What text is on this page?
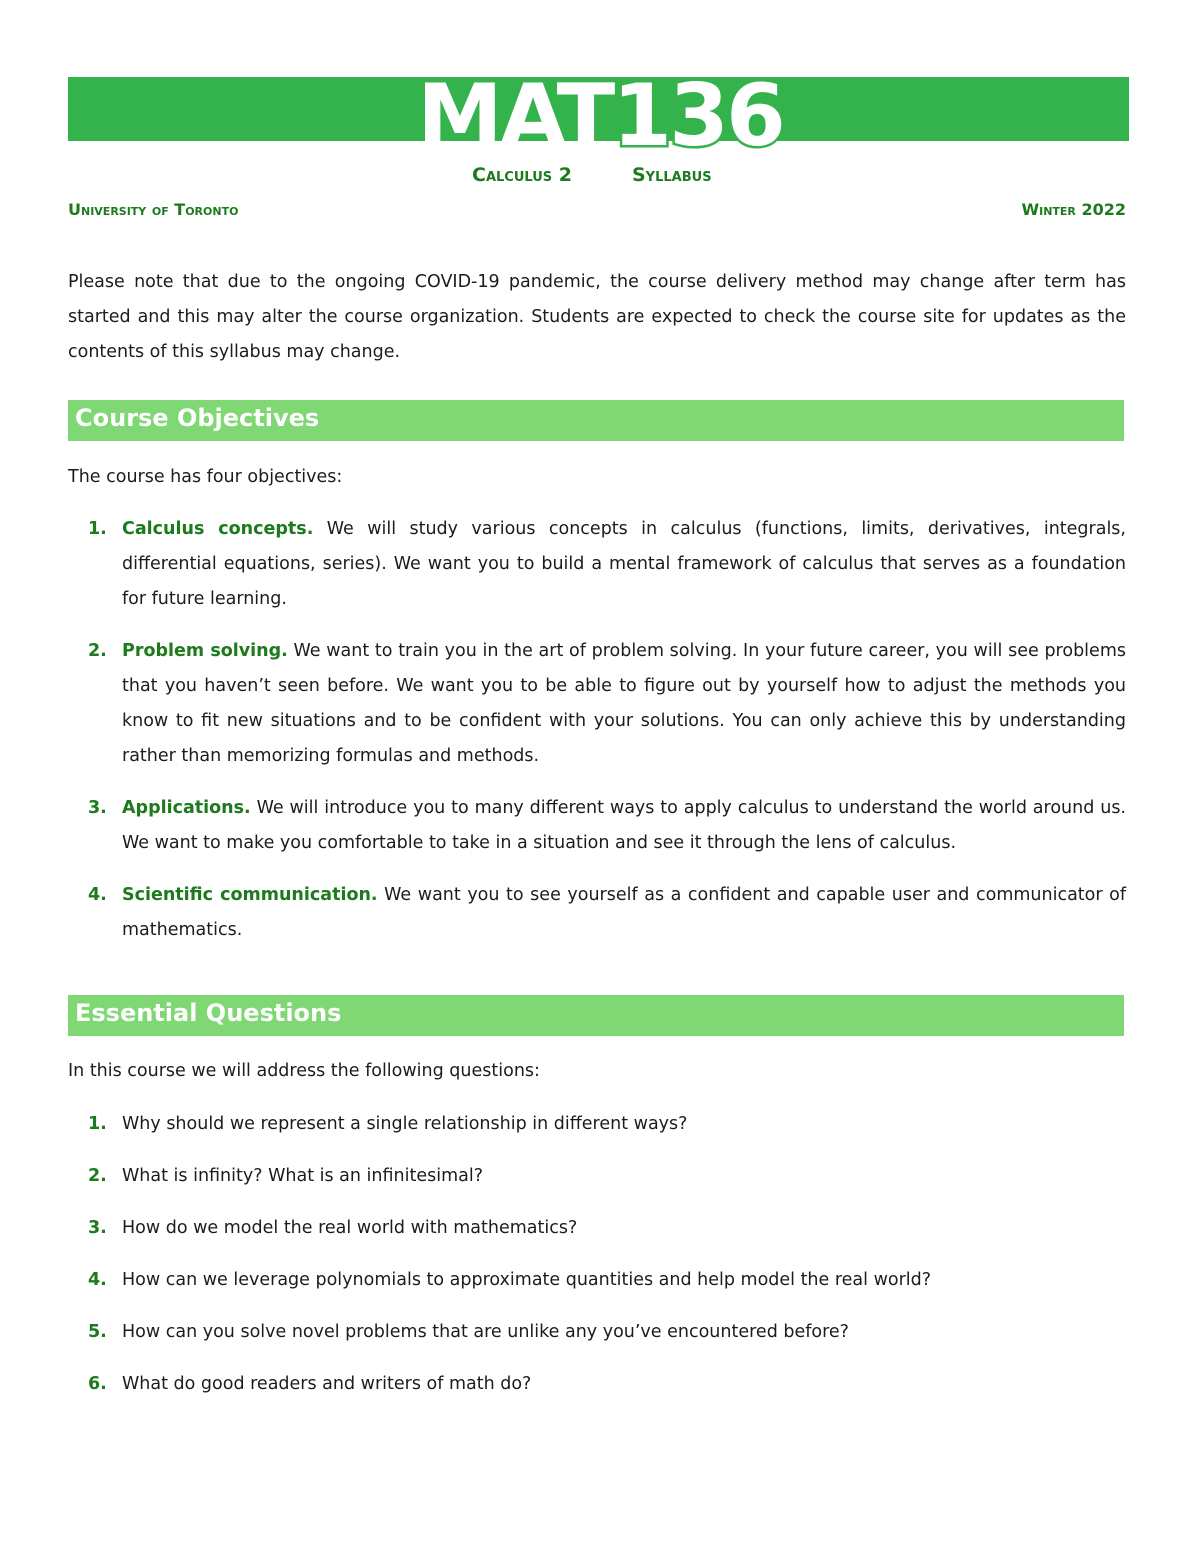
MAT136
Calculus 2	Syllabus
University of Toronto	Winter 2022

Please note that due to the ongoing COVID-19 pandemic, the course delivery method may change after term has started and this may alter the course organization. Students are expected to check the course site for updates as the contents of this syllabus may change.

Course Objectives

The course has four objectives:

1. Calculus concepts. We will study various concepts in calculus (functions, limits, derivatives, integrals, differential equations, series). We want you to build a mental framework of calculus that serves as a foundation for future learning.
2. Problem solving. We want to train you in the art of problem solving. In your future career, you will see problems that you haven’t seen before. We want you to be able to figure out by yourself how to adjust the methods you know to fit new situations and to be confident with your solutions. You can only achieve this by understanding rather than memorizing formulas and methods.
3. Applications. We will introduce you to many different ways to apply calculus to understand the world around us. We want to make you comfortable to take in a situation and see it through the lens of calculus.
4. Scientific communication. We want you to see yourself as a confident and capable user and communicator of mathematics.
Essential Questions

In this course we will address the following questions:

1. Why should we represent a single relationship in different ways?
2. What is infinity? What is an infinitesimal?
3. How do we model the real world with mathematics?
4. How can we leverage polynomials to approximate quantities and help model the real world?
5. How can you solve novel problems that are unlike any you’ve encountered before?
6. What do good readers and writers of math do?
